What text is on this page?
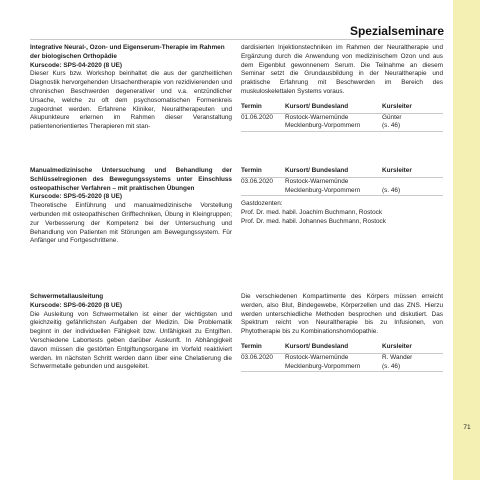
71
Spezialseminare

Integrative Neural-, Ozon- und Eigenserum-Therapie im Rahmen der biologischen Orthopädie

Kurscode: SPS-04-2020 (8 UE)

Dieser Kurs bzw. Workshop beinhaltet die aus der ganzheitlichen Diagnostik hervorgehenden Ursachentherapie von rezidivierenden und chronischen Beschwerden degenerativer und v.a. entzündlicher Ursache, welche zu oft dem psychosomatischen Formenkreis zugeordnet werden. Erfahrene Kliniker, Neuraltherapeuten und Akupunkteure erlernen im Rahmen dieser Veranstaltung patientenorientiertes Therapieren mit stan-

dardisierten Injektionstechniken im Rahmen der Neuraltherapie und Ergänzung durch die Anwendung von medizinischem Ozon und aus dem Eigenblut gewonnenem Serum. Die Teilnahme an diesem Seminar setzt die Grundausbildung in der Neuraltherapie und praktische Erfahrung mit Beschwerden im Bereich des muskuloskelettalen Systems voraus.

Termin	Kursort/ Bundesland	Kursleiter
01.06.2020	Rostock-Warnemünde	Günter
	Mecklenburg-Vorpommern	(s. 46)

Manualmedizinische Untersuchung und Behandlung der Schlüsselregionen des Bewegungssystems unter Einschluss osteopathischer Verfahren – mit praktischen Übungen

Kurscode: SPS-05-2020 (8 UE)

Theoretische Einführung und manualmedizinische Vorstellung verbunden mit osteopathischen Grifftechniken, Übung in Kleingruppen; zur Verbesserung der Kompetenz bei der Untersuchung und Behandlung von Patienten mit Störungen am Bewegungssystem. Für Anfänger und Fortgeschrittene.

Termin	Kursort/ Bundesland	Kursleiter
03.06.2020	Rostock-Warnemünde	
	Mecklenburg-Vorpommern	(s. 46)

Gastdozenten:

Prof. Dr. med. habil. Joachim Buchmann, Rostock

Prof. Dr. med. habil. Johannes Buchmann, Rostock

Schwermetallausleitung

Kurscode: SPS-06-2020 (8 UE)

Die Ausleitung von Schwermetallen ist einer der wichtigsten und gleichzeitig gefährlichsten Aufgaben der Medizin. Die Problematik beginnt in der individuellen Fähigkeit bzw. Unfähigkeit zu Entgiften. Verschiedene Labortests geben darüber Auskunft. In Abhängigkeit davon müssen die gestörten Entgiftungsorgane im Vorfeld reaktiviert werden. Im nächsten Schritt werden dann über eine Chelatierung die Schwermetalle gebunden und ausgeleitet.

Die verschiedenen Kompartimente des Körpers müssen erreicht werden, also Blut, Bindegewebe, Körperzellen und das ZNS. Hierzu werden unterschiedliche Methoden besprochen und diskutiert. Das Spektrum reicht von Neuraltherapie bis zu Infusionen, von Phytotherapie bis zu Kombinationshomöopathie.

Termin	Kursort/ Bundesland	Kursleiter
03.06.2020	Rostock-Warnemünde	R. Wander
	Mecklenburg-Vorpommern	(s. 46)
